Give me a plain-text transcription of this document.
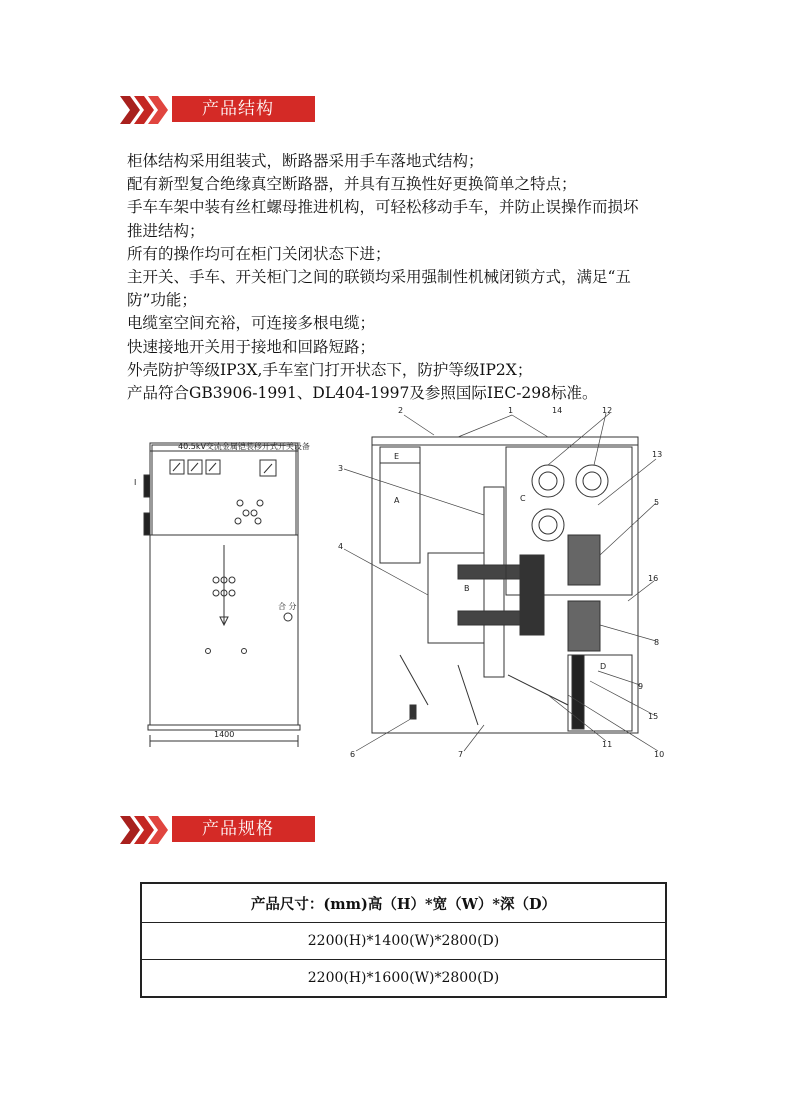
产品结构

柜体结构采用组装式，断路器采用手车落地式结构；

配有新型复合绝缘真空断路器，并具有互换性好更换简单之特点；

手车车架中装有丝杠螺母推进机构，可轻松移动手车，并防止误操作而损坏

推进结构；

所有的操作均可在柜门关闭状态下进；

主开关、手车、开关柜门之间的联锁均采用强制性机械闭锁方式，满足“五

防”功能；

电缆室空间充裕，可连接多根电缆；

快速接地开关用于接地和回路短路；

外壳防护等级IP3X,手车室门打开状态下，防护等级IP2X；

产品符合GB3906-1991、DL404-1997及参照国际IEC-298标准。

40.5kV交流金属铠装移开式开关设备
1400
合 分
I
A
B
C
D
E
1
2
3
4
5
6	7
8
9
10
11
12
13
14
15
16
产品规格
产品尺寸：(mm)高（H）*宽（W）*深（D）
2200(H)*1400(W)*2800(D)
2200(H)*1600(W)*2800(D)
